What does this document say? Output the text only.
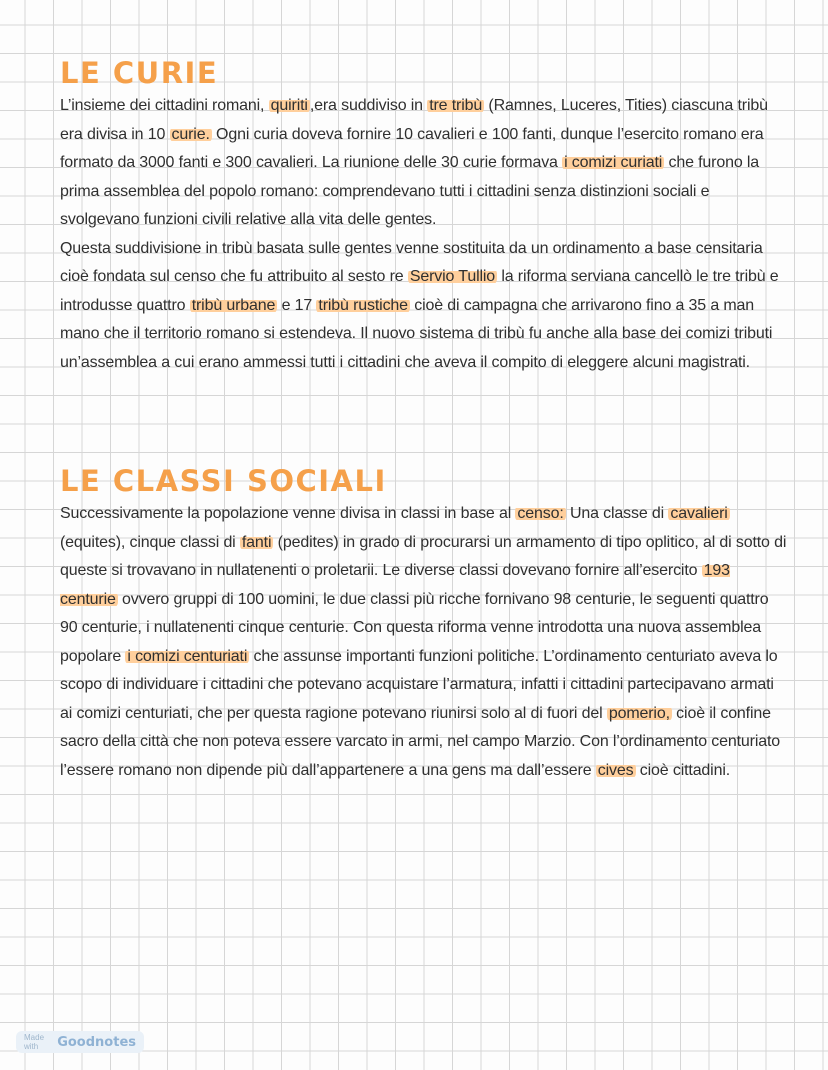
LE CURIE

L’insieme dei cittadini romani, quiriti ,era suddiviso in tre tribù (Ramnes, Luceres, Tities) ciascuna tribù era divisa in 10 curie. Ogni curia doveva fornire 10 cavalieri e 100 fanti, dunque l’esercito romano era formato da 3000 fanti e 300 cavalieri. La riunione delle 30 curie formava i comizi curiati che furono la prima assemblea del popolo romano: comprendevano tutti i cittadini senza distinzioni sociali e svolgevano funzioni civili relative alla vita delle gentes.

Questa suddivisione in tribù basata sulle gentes venne sostituita da un ordinamento a base censitaria cioè fondata sul censo che fu attribuito al sesto re Servio Tullio la riforma serviana cancellò le tre tribù e introdusse quattro tribù urbane e 17 tribù rustiche cioè di campagna che arrivarono fino a 35 a man mano che il territorio romano si estendeva. Il nuovo sistema di tribù fu anche alla base dei comizi tributi un’assemblea a cui erano ammessi tutti i cittadini che aveva il compito di eleggere alcuni magistrati.

LE CLASSI SOCIALI

Successivamente la popolazione venne divisa in classi in base al censo: Una classe di cavalieri (equites), cinque classi di fanti (pedites) in grado di procurarsi un armamento di tipo oplitico, al di sotto di queste si trovavano in nullatenenti o proletarii. Le diverse classi dovevano fornire all’esercito 193 centurie ovvero gruppi di 100 uomini, le due classi più ricche fornivano 98 centurie, le seguenti quattro 90 centurie, i nullatenenti cinque centurie. Con questa riforma venne introdotta una nuova assemblea popolare i comizi centuriati che assunse importanti funzioni politiche. L’ordinamento centuriato aveva lo scopo di individuare i cittadini che potevano acquistare l’armatura, infatti i cittadini partecipavano armati ai comizi centuriati, che per questa ragione potevano riunirsi solo al di fuori del pomerio, cioè il confine sacro della città che non poteva essere varcato in armi, nel campo Marzio. Con l’ordinamento centuriato l’essere romano non dipende più dall’appartenere a una gens ma dall’essere cives cioè cittadini.

Made with	Goodnotes
